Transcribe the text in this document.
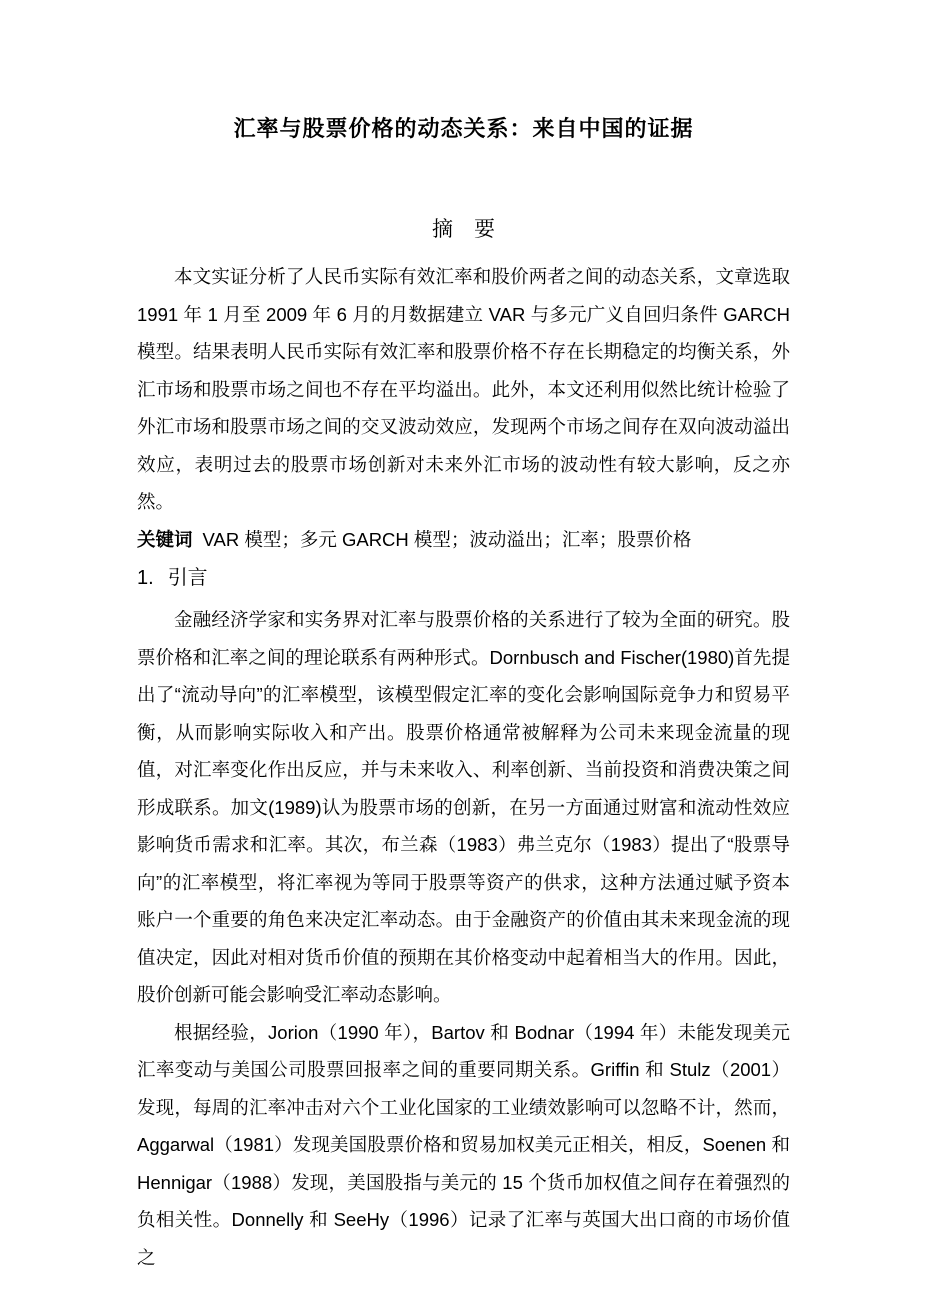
汇率与股票价格的动态关系：来自中国的证据
摘　要

本文实证分析了人民币实际有效汇率和股价两者之间的动态关系，文章选取 1991 年 1 月至 2009 年 6 月的月数据建立 VAR 与多元广义自回归条件 GARCH 模型。结果表明人民币实际有效汇率和股票价格不存在长期稳定的均衡关系，外汇市场和股票市场之间也不存在平均溢出。此外，本文还利用似然比统计检验了外汇市场和股票市场之间的交叉波动效应，发现两个市场之间存在双向波动溢出效应，表明过去的股票市场创新对未来外汇市场的波动性有较大影响，反之亦然。

关键词 VAR 模型；多元 GARCH 模型；波动溢出；汇率；股票价格

1. 引言

金融经济学家和实务界对汇率与股票价格的关系进行了较为全面的研究。股票价格和汇率之间的理论联系有两种形式。Dornbusch and Fischer(1980)首先提出了“流动导向”的汇率模型，该模型假定汇率的变化会影响国际竞争力和贸易平衡，从而影响实际收入和产出。股票价格通常被解释为公司未来现金流量的现值，对汇率变化作出反应，并与未来收入、利率创新、当前投资和消费决策之间形成联系。加文(1989)认为股票市场的创新，在另一方面通过财富和流动性效应影响货币需求和汇率。其次，布兰森（1983）弗兰克尔（1983）提出了“股票导向”的汇率模型，将汇率视为等同于股票等资产的供求，这种方法通过赋予资本账户一个重要的角色来决定汇率动态。由于金融资产的价值由其未来现金流的现值决定，因此对相对货币价值的预期在其价格变动中起着相当大的作用。因此，股价创新可能会影响受汇率动态影响。

根据经验，Jorion（1990 年），Bartov 和 Bodnar（1994 年）未能发现美元汇率变动与美国公司股票回报率之间的重要同期关系。Griffin 和 Stulz（2001）发现，每周的汇率冲击对六个工业化国家的工业绩效影响可以忽略不计，然而，Aggarwal（1981）发现美国股票价格和贸易加权美元正相关，相反，Soenen 和 Hennigar（1988）发现，美国股指与美元的 15 个货币加权值之间存在着强烈的负相关性。Donnelly 和 SeeHy（1996）记录了汇率与英国大出口商的市场价值之
